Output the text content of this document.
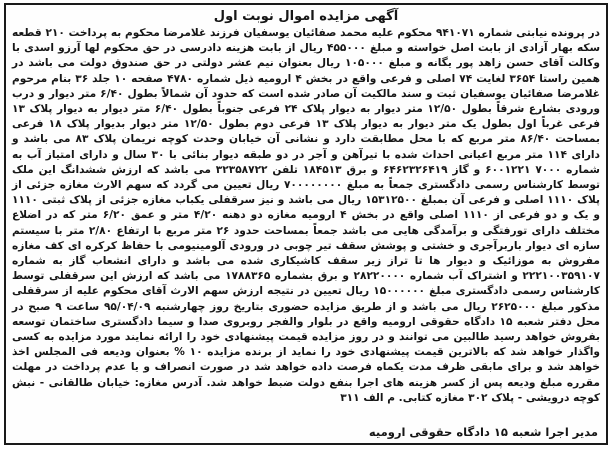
آگهی مزایده اموال نوبت اول

در پرونده نیابتی شماره ۹۴۱۰۷۱ محکوم علیه محمد صفائیان یوسفیان فرزند غلامرضا محکوم به پرداخت ۲۱۰ قطعه سکه بهار آزادی از بابت اصل خواسته و مبلغ ۴۵۵۰۰۰ ریال از بابت هزینه دادرسی در حق محکوم لها آرزو اسدی با وکالت آقای حسن زاهد پور یگانه و مبلغ ۱۰۵۰۰۰ ریال بعنوان نیم عشر دولتی در حق صندوق دولت می باشد در همین راستا ۳۶۵۴ لغایت ۷۴ اصلی و فرعی واقع در بخش ۴ ارومیه ذیل شماره ۴۷۸۰ صفحه ۱۰ جلد ۳۶ بنام مرحوم غلامرضا صفائیان یوسفیان ثبت و سند مالکیت آن صادر شده است که حدود آن شمالاً بطول ۶/۴۰ متر دیوار و درب ورودی بشارع شرقاً بطول ۱۲/۵۰ متر دیوار به دیوار پلاک ۲۴ فرعی جنوباً بطول ۶/۴۰ متر دیوار به دیوار پلاک ۱۳ فرعی غرباً اول بطول یک متر دیوار به دیوار پلاک ۱۳ فرعی دوم بطول ۱۲/۵۰ متر دیوار بدیوار پلاک ۱۸ فرعی بمساحت ۸۶/۴۰ متر مربع که با محل مطابقت دارد و نشانی آن خیابان وحدت کوچه نریمان پلاک ۸۳ می باشد و دارای ۱۱۴ متر مربع اعیانی احداث شده با تیرآهن و آجر در دو طبقه دیوار بنائی با ۳۰ سال و دارای امتیاز آب به شماره ۷۰۰۰ ۶۰۰۱۲۲۱ و گاز ۶۴۶۲۳۲۶۴۱۹ و برق ۱۸۴۵۱۳ تلفن ۳۲۳۵۸۷۲۲ می باشد که ارزش ششدانگ این ملک توسط کارشناس رسمی دادگستری جمعاً به مبلغ ۷۰۰۰۰۰۰۰۰ ریال تعیین می گردد که سهم الارث مغازه جزئی از پلاک ۱۱۱۰ اصلی و فرعی آن بمبلغ ۱۵۳۱۲۵۰۰ ریال می باشد و نیز سرقفلی یکباب مغازه جزئی از پلاک ثبتی ۱۱۱۰ و یک و دو فرعی از ۱۱۱۰ اصلی واقع در بخش ۴ ارومیه مغازه دو دهنه ۴/۲۰ متر و عمق ۶/۲۰ متر که در اضلاع مختلف دارای تورفتگی و برآمدگی هایی می باشد جمعاً بمساحت حدود ۲۶ متر مربع با ارتفاع ۲/۸۰ متر با سیستم سازه ای دیوار باربرآجری و خشتی و پوشش سقف تیر چوبی در ورودی آلومینیومی با حفاظ کرکره ای کف مغازه مفروش به موزائیک و دیوار ها تا تراز زیر سقف کاشیکاری شده می باشد و دارای انشعاب گاز به شماره ۲۲۲۱۰۰۳۵۹۱۰۷ و اشتراک آب شماره ۲۸۲۲۰۰۰۰ و برق بشماره ۱۷۸۸۳۶۵ می باشد که ارزش این سرقفلی توسط کارشناس رسمی دادگستری مبلغ ۱۵۰۰۰۰۰۰ ریال تعیین در نتیجه ارزش سهم الارث آقای محکوم علیه از سرقفلی مذکور مبلغ ۲۶۲۵۰۰۰ ریال می باشد و از طریق مزایده حضوری بتاریخ روز چهارشنبه ۹۵/۰۴/۰۹ ساعت ۹ صبح در محل دفتر شعبه ۱۵ دادگاه حقوقی ارومیه واقع در بلوار والفجر روبروی صدا و سیما دادگستری ساختمان توسعه بفروش خواهد رسید طالبین می توانند و در روز مزایده قیمت پیشنهادی خود را ارائه نمایند مورد مزایده به کسی واگذار خواهد شد که بالاترین قیمت پیشنهادی خود را نماید از برنده مزایده ۱۰ % بعنوان ودیعه فی المجلس اخذ خواهد شد و برای مابقی ظرف مدت یکماه فرصت داده خواهد شد در صورت انصراف و یا عدم پرداخت در مهلت مقرره مبلغ ودیعه پس از کسر هزینه های اجرا بنفع دولت ضبط خواهد شد. آدرس مغازه: خیابان طالقانی - نبش کوچه درویشی - پلاک ۳۰۲ مغازه کتابی. م الف ۳۱۱

مدیر اجرا شعبه ۱۵ دادگاه حقوقی ارومیه
